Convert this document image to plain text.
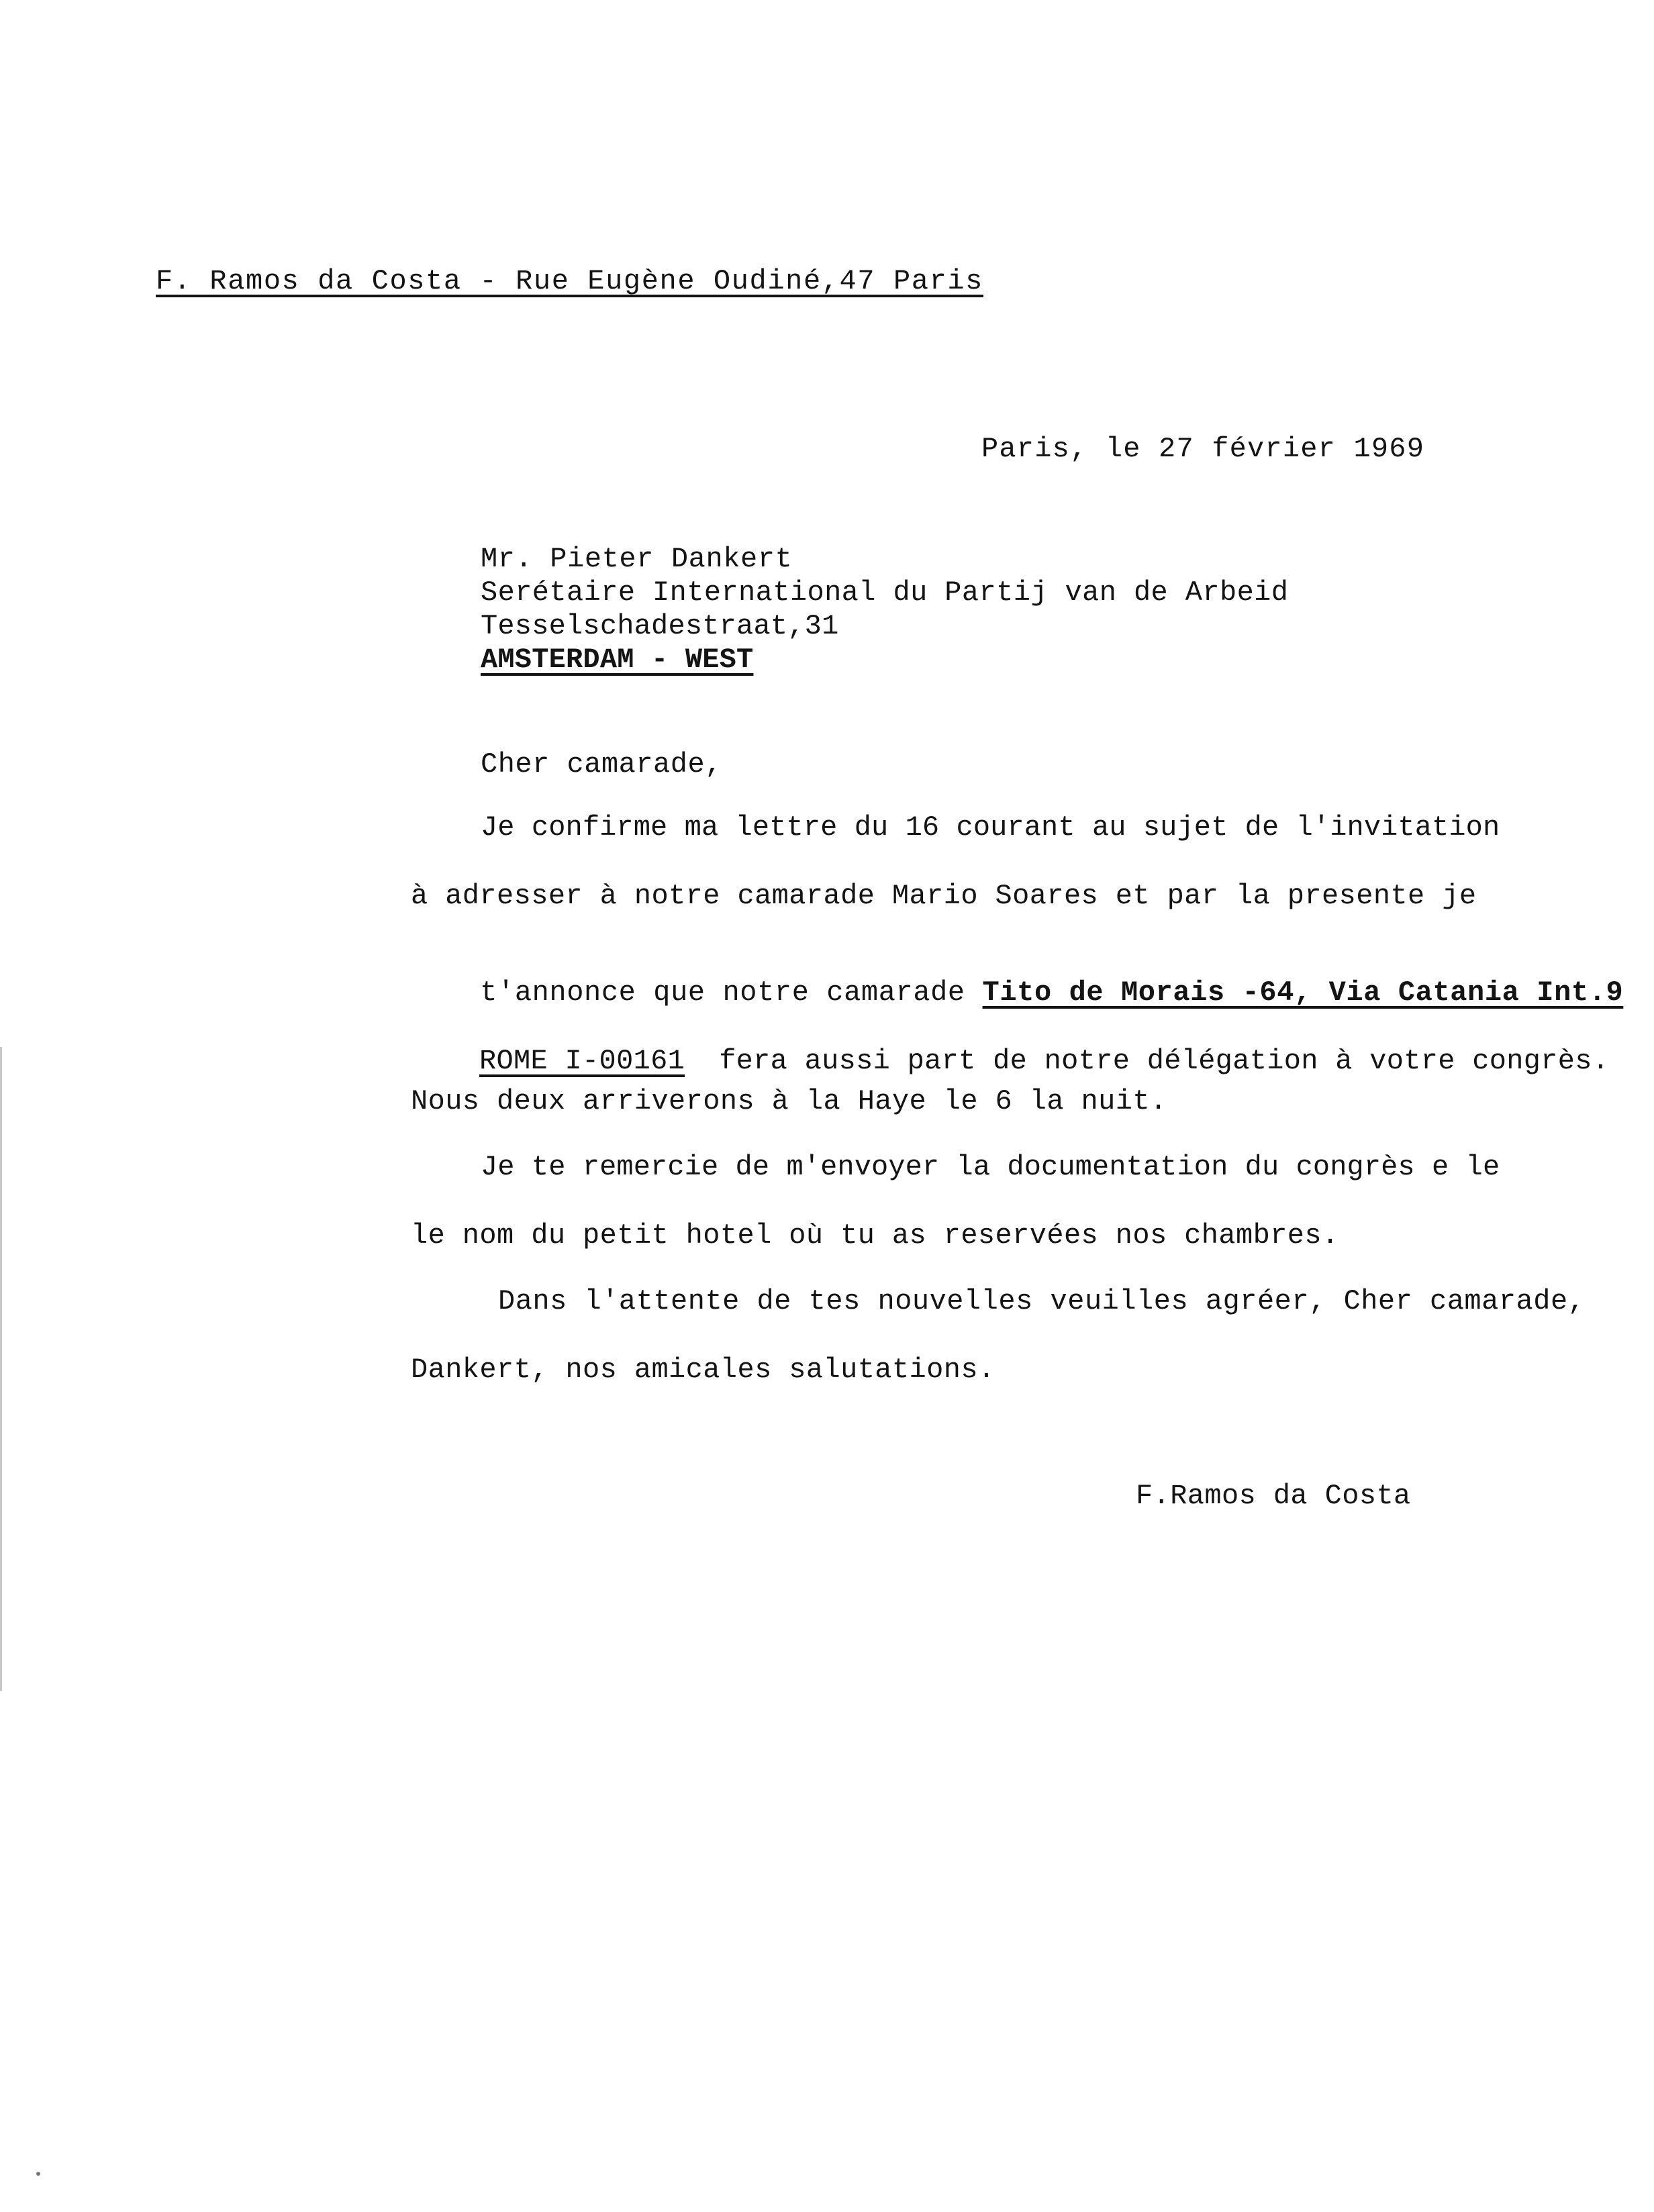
F. Ramos da Costa - Rue Eugène Oudiné,47 Paris
Paris, le 27 février 1969
Mr. Pieter Dankert
Serétaire International du Partij van de Arbeid
Tesselschadestraat,31
AMSTERDAM - WEST
Cher camarade,
Je confirme ma lettre du 16 courant au sujet de l'invitation
à adresser à notre camarade Mario Soares et par la presente je

t'annonce que notre camarade Tito de Morais -64, Via Catania Int.9

ROME I-00161  fera aussi part de notre délégation à votre congrès.

Nous deux arriverons à la Haye le 6 la nuit.
Je te remercie de m'envoyer la documentation du congrès e le
le nom du petit hotel où tu as reservées nos chambres.
Dans l'attente de tes nouvelles veuilles agréer, Cher camarade,
Dankert, nos amicales salutations.
F.Ramos da Costa
